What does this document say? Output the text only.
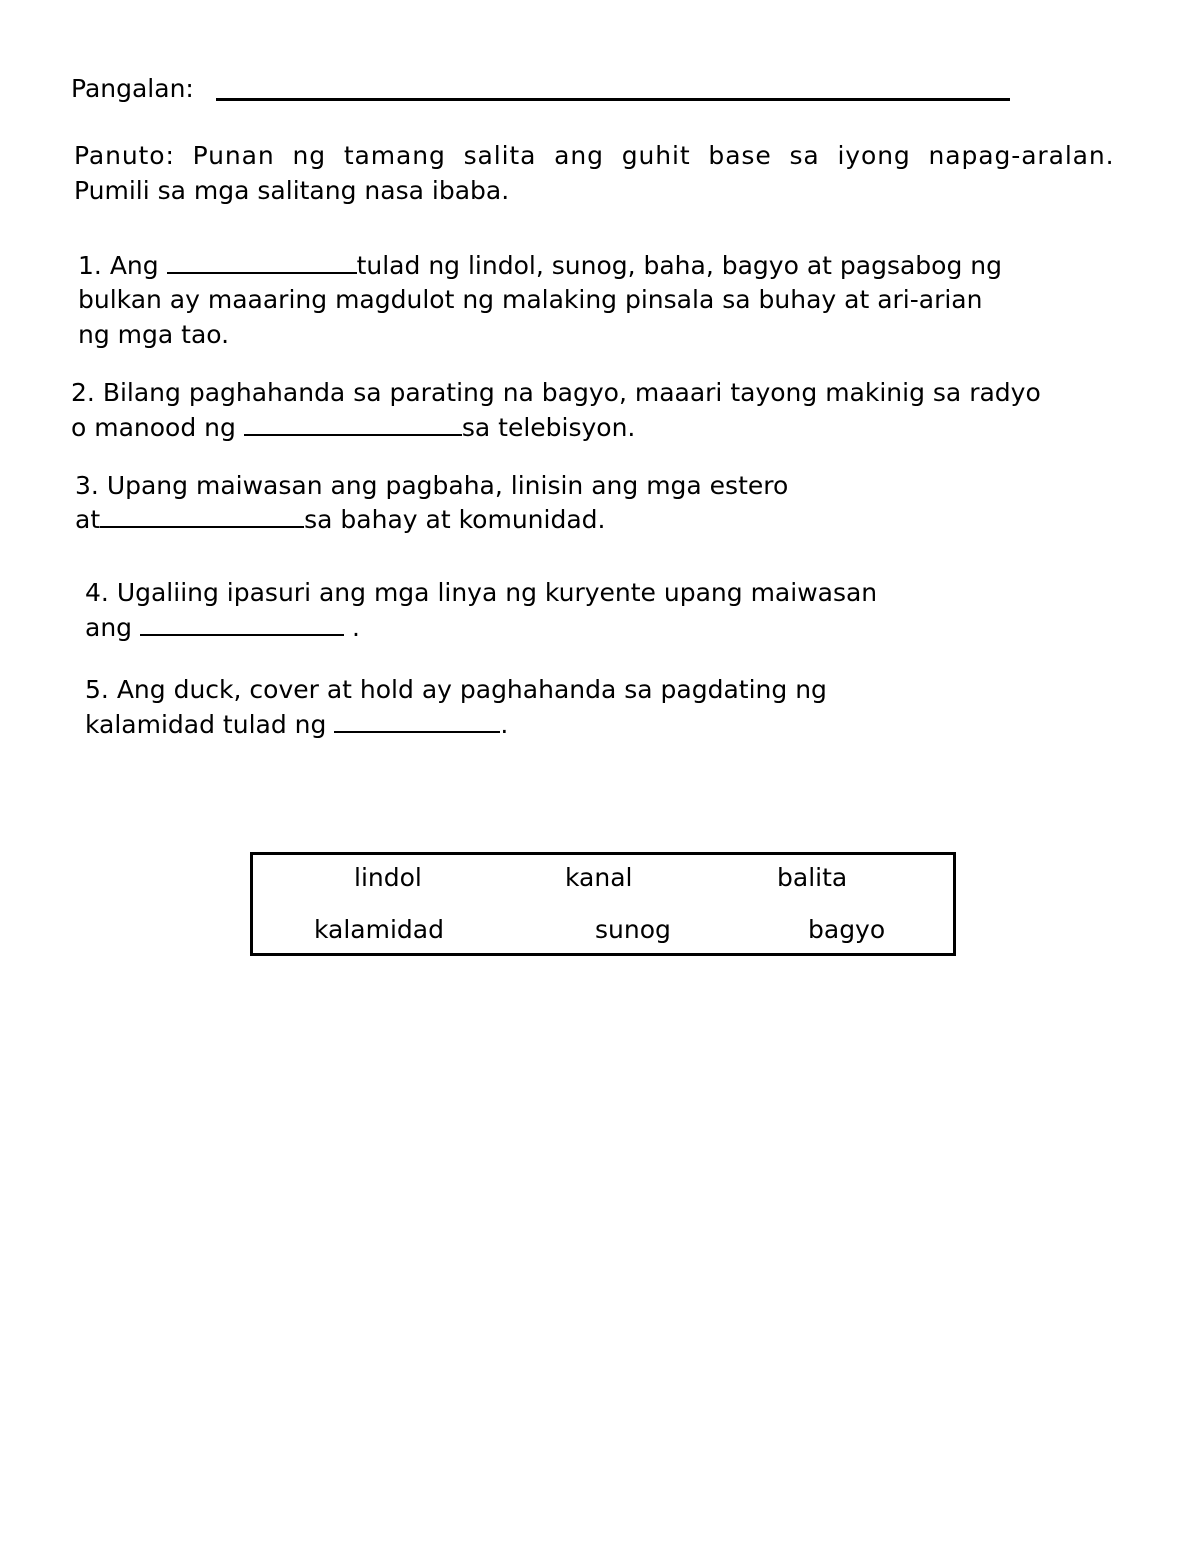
Pangalan:
Panuto: Punan ng tamang salita ang guhit base sa iyong napag-aralan.
Pumili sa mga salitang nasa ibaba.
1. Ang	tulad ng lindol, sunog, baha, bagyo at pagsabog ng
bulkan ay maaaring magdulot ng malaking pinsala sa buhay at ari-arian
ng mga tao.
2. Bilang paghahanda sa parating na bagyo, maaari tayong makinig sa radyo
o manood ng	sa telebisyon.
3. Upang maiwasan ang pagbaha, linisin ang mga estero
at	sa bahay at komunidad.
4. Ugaliing ipasuri ang mga linya ng kuryente upang maiwasan
ang	.
5. Ang duck, cover at hold ay paghahanda sa pagdating ng
kalamidad tulad ng	.
lindol	kanal	balita
kalamidad	sunog	bagyo
